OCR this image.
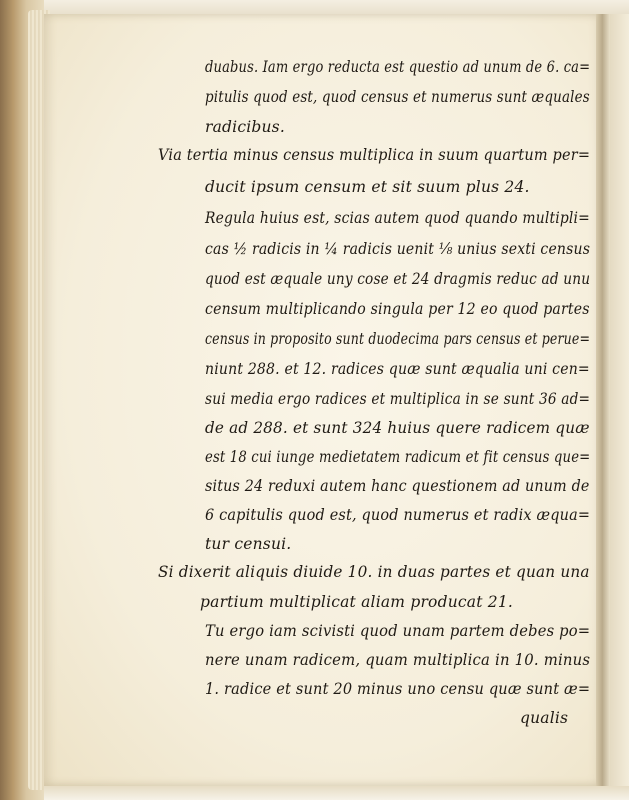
duabus. Iam ergo reducta est questio ad unum de 6. ca=
pitulis quod est, quod census et numerus sunt æquales
radicibus.
Via tertia minus census multiplica in suum quartum per=
ducit ipsum censum et sit suum plus 24.
Regula huius est, scias autem quod quando multipli=
cas ½ radicis in ¼ radicis uenit ⅛ unius sexti census
quod est æquale uny cose et 24 dragmis reduc ad unu
censum multiplicando singula per 12 eo quod partes
census in proposito sunt duodecima pars census et perue=
niunt 288. et 12. radices quæ sunt æqualia uni cen=
sui media ergo radices et multiplica in se sunt 36 ad=
de ad 288. et sunt 324 huius quere radicem quæ
est 18 cui iunge medietatem radicum et fit census que=
situs 24 reduxi autem hanc questionem ad unum de
6 capitulis quod est, quod numerus et radix æqua=
tur censui.
Si dixerit aliquis diuide 10. in duas partes et quan una
partium multiplicat aliam producat 21.
Tu ergo iam scivisti quod unam partem debes po=
nere unam radicem, quam multiplica in 10. minus
1. radice et sunt 20 minus uno censu quæ sunt æ=
qualis
